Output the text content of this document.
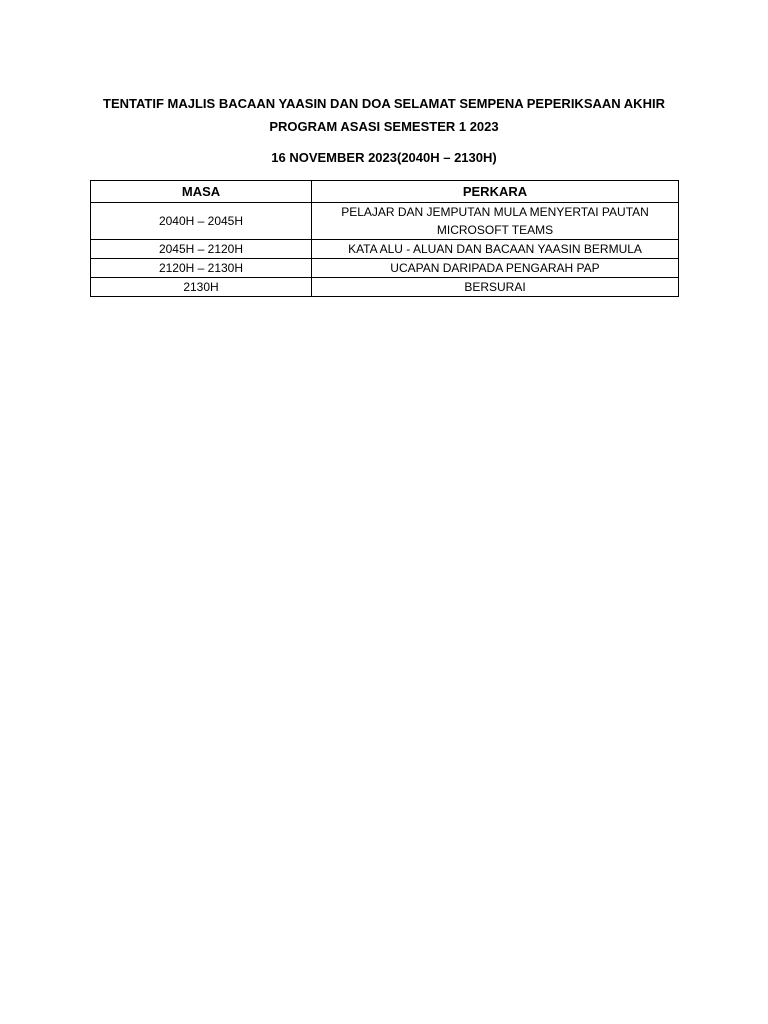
TENTATIF MAJLIS BACAAN YAASIN DAN DOA SELAMAT SEMPENA PEPERIKSAAN AKHIR
PROGRAM ASASI SEMESTER 1 2023
16 NOVEMBER 2023(2040H – 2130H)
MASA	PERKARA
2040H – 2045H	PELAJAR DAN JEMPUTAN MULA MENYERTAI PAUTAN MICROSOFT TEAMS
2045H – 2120H	KATA ALU - ALUAN DAN BACAAN YAASIN BERMULA
2120H – 2130H	UCAPAN DARIPADA PENGARAH PAP
2130H	BERSURAI
